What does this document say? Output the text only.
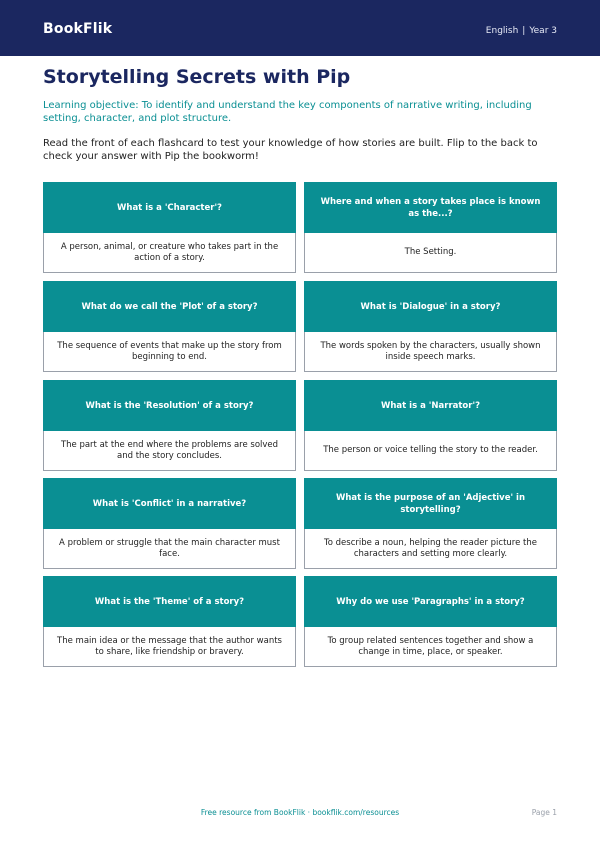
BookFlik	English | Year 3
Storytelling Secrets with Pip

Learning objective: To identify and understand the key components of narrative writing, including setting, character, and plot structure.

Read the front of each flashcard to test your knowledge of how stories are built. Flip to the back to check your answer with Pip the bookworm!

What is a 'Character'?
A person, animal, or creature who takes part in the action of a story.
Where and when a story takes place is known as the...?
The Setting.
What do we call the 'Plot' of a story?
The sequence of events that make up the story from beginning to end.
What is 'Dialogue' in a story?
The words spoken by the characters, usually shown inside speech marks.
What is the 'Resolution' of a story?
The part at the end where the problems are solved and the story concludes.
What is a 'Narrator'?
The person or voice telling the story to the reader.
What is 'Conflict' in a narrative?
A problem or struggle that the main character must face.
What is the purpose of an 'Adjective' in storytelling?
To describe a noun, helping the reader picture the characters and setting more clearly.
What is the 'Theme' of a story?
The main idea or the message that the author wants to share, like friendship or bravery.
Why do we use 'Paragraphs' in a story?
To group related sentences together and show a change in time, place, or speaker.
Free resource from BookFlik · bookflik.com/resources	Page 1
